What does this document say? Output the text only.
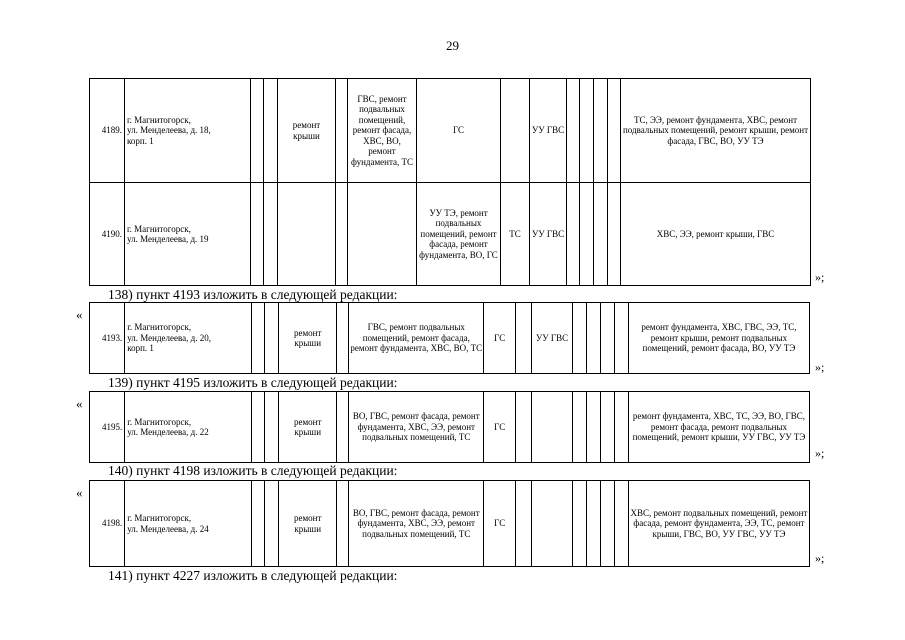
29
4189.	г. Магнитогорск,
ул. Менделеева, д. 18,
корп. 1			ремонт крыши		ГВС, ремонт подвальных помещений, ремонт фасада, ХВС, ВО, ремонт фундамента, ТС	ГС		УУ ГВС					ТС, ЭЭ, ремонт фундамента, ХВС, ремонт подвальных помещений, ремонт крыши, ремонт фасада, ГВС, ВО, УУ ТЭ
4190.	г. Магнитогорск,
ул. Менделеева, д. 19						УУ ТЭ, ремонт подвальных помещений, ремонт фасада, ремонт фундамента, ВО, ГС	ТС	УУ ГВС					ХВС, ЭЭ, ремонт крыши, ГВС
»;
138) пункт 4193 изложить в следующей редакции:
«
4193.	г. Магнитогорск,
ул. Менделеева, д. 20,
корп. 1			ремонт крыши		ГВС, ремонт подвальных помещений, ремонт фасада, ремонт фундамента, ХВС, ВО, ТС	ГС		УУ ГВС					ремонт фундамента, ХВС, ГВС, ЭЭ, ТС, ремонт крыши, ремонт подвальных помещений, ремонт фасада, ВО, УУ ТЭ
»;
139) пункт 4195 изложить в следующей редакции:
«
4195.	г. Магнитогорск,
ул. Менделеева, д. 22			ремонт крыши		ВО, ГВС, ремонт фасада, ремонт фундамента, ХВС, ЭЭ, ремонт подвальных помещений, ТС	ГС							ремонт фундамента, ХВС, ТС, ЭЭ, ВО, ГВС, ремонт фасада, ремонт подвальных помещений, ремонт крыши, УУ ГВС, УУ ТЭ
»;
140) пункт 4198 изложить в следующей редакции:
«
4198.	г. Магнитогорск,
ул. Менделеева, д. 24			ремонт крыши		ВО, ГВС, ремонт фасада, ремонт фундамента, ХВС, ЭЭ, ремонт подвальных помещений, ТС	ГС							ХВС, ремонт подвальных помещений, ремонт фасада, ремонт фундамента, ЭЭ, ТС, ремонт крыши, ГВС, ВО, УУ ГВС, УУ ТЭ
»;
141) пункт 4227 изложить в следующей редакции:
